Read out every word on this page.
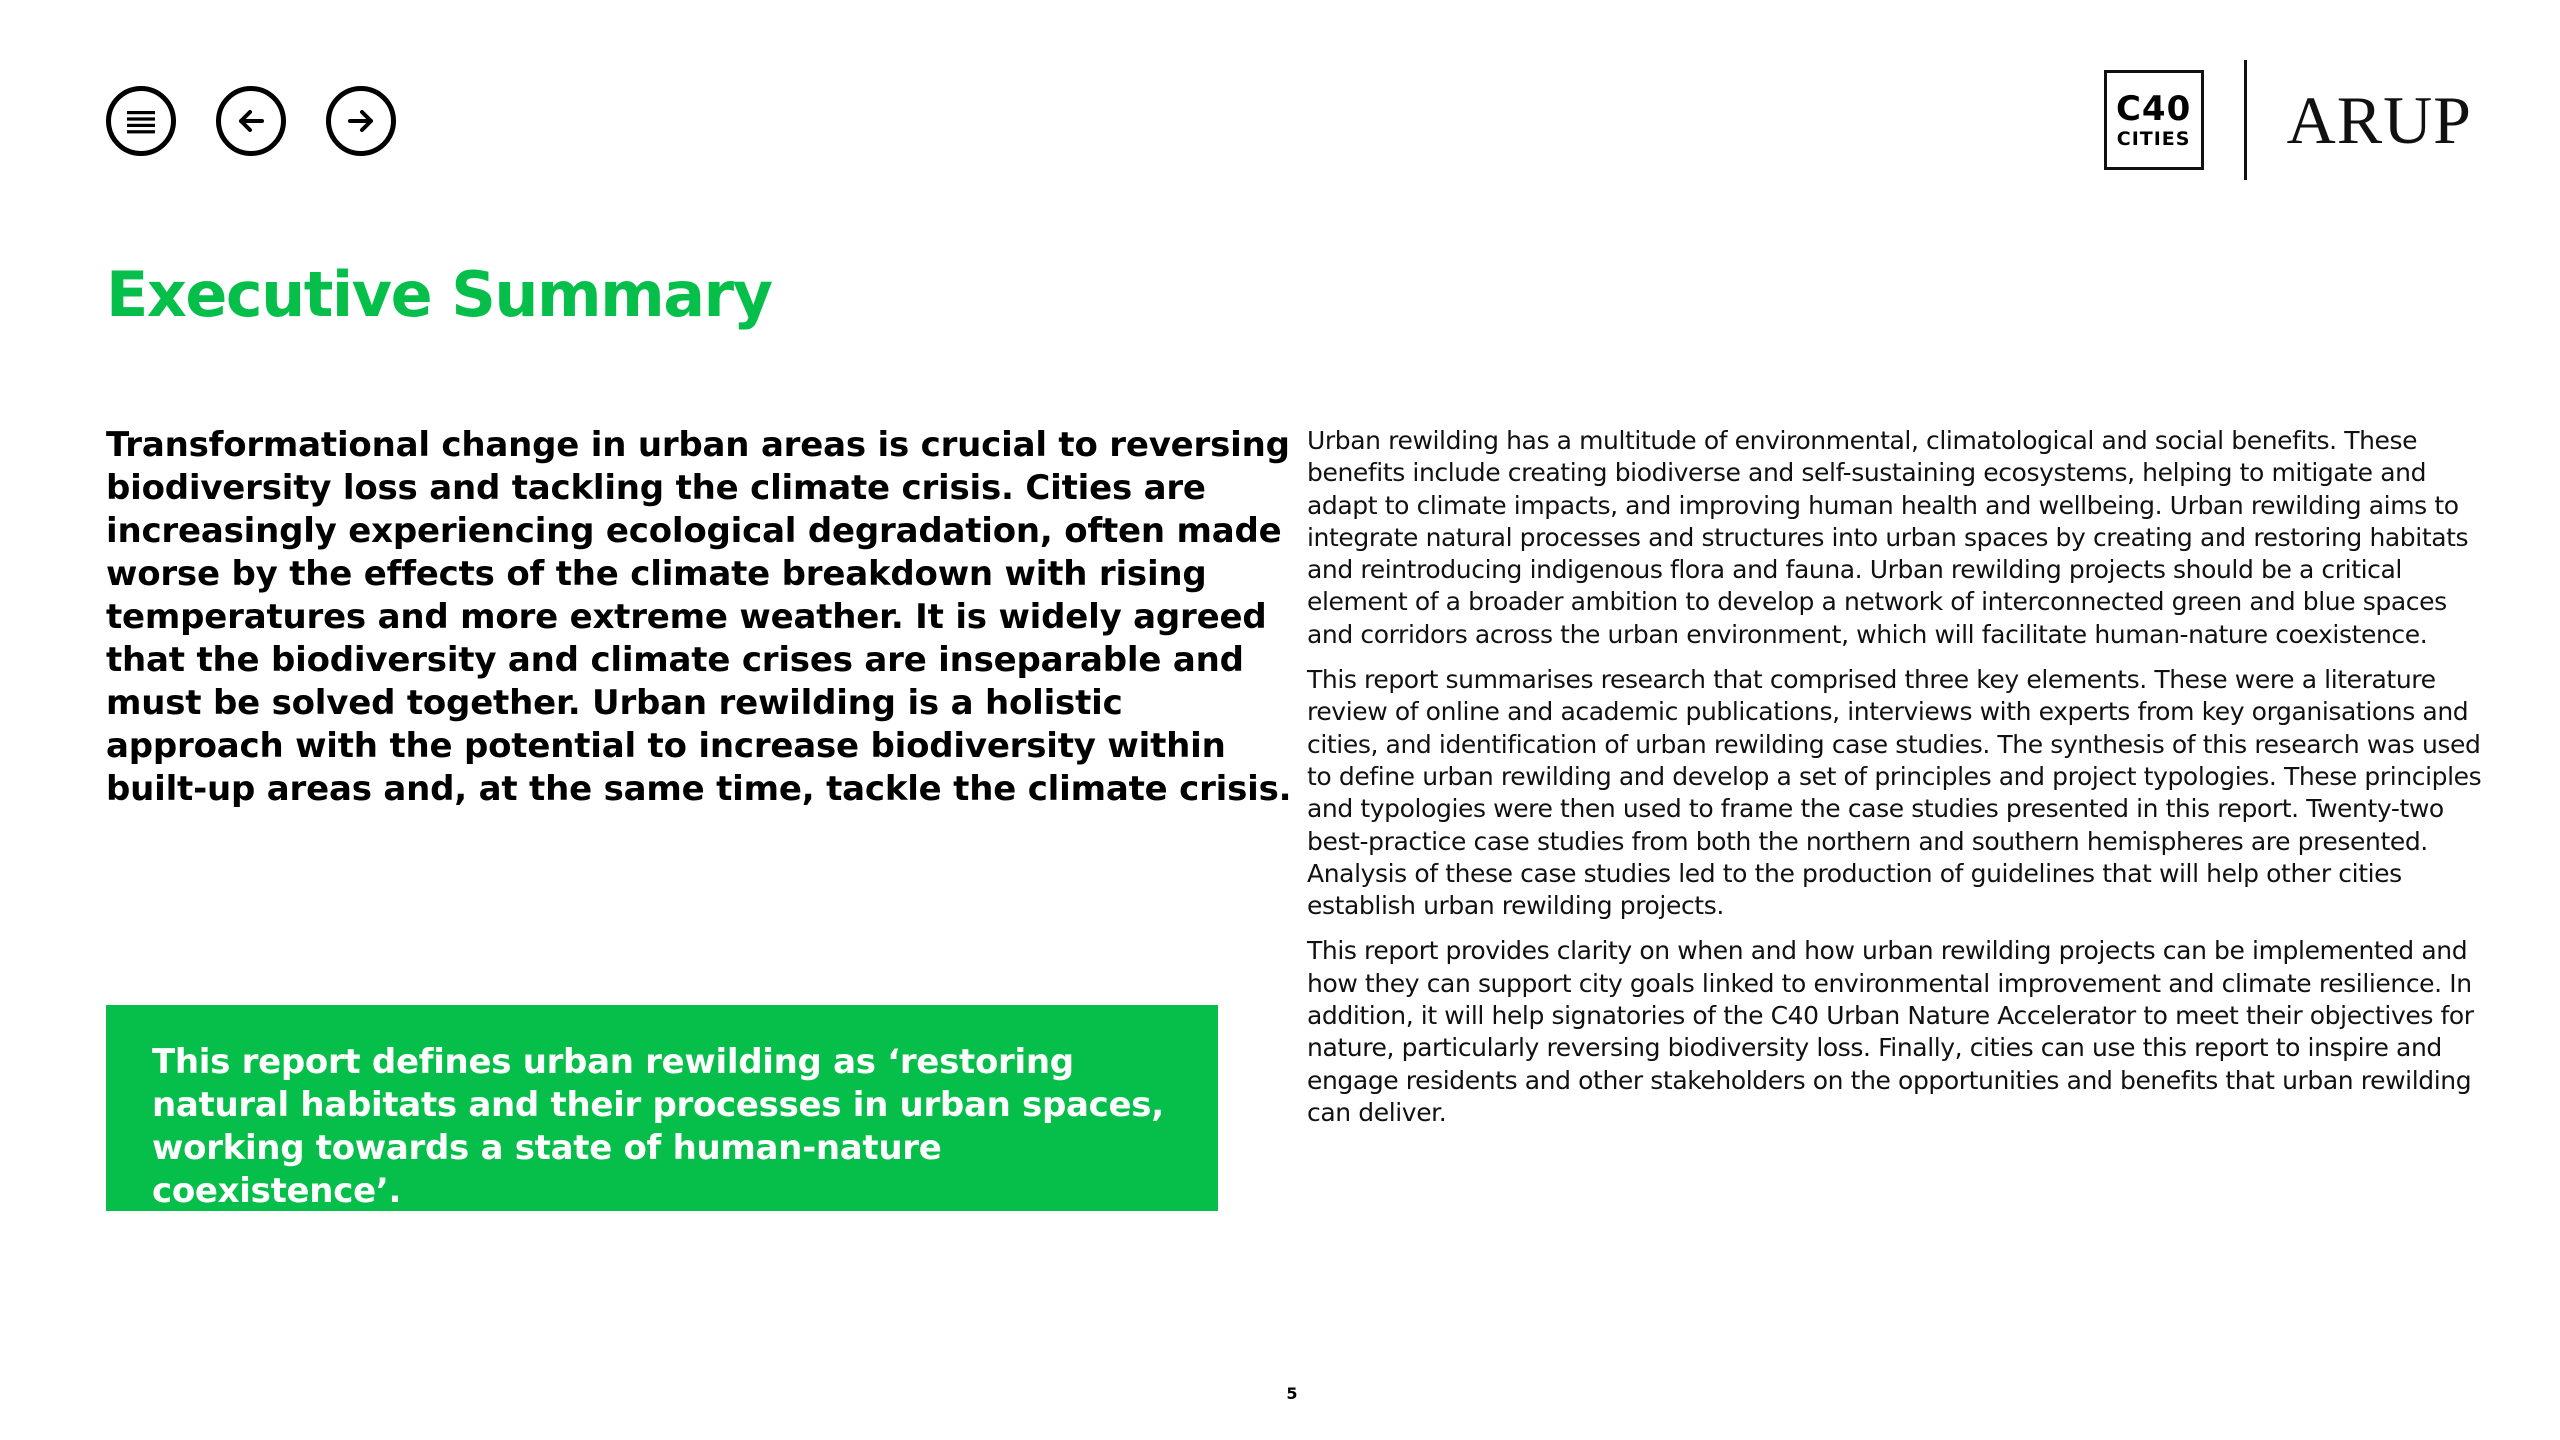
C40
CITIES ARUP
Executive Summary

Transformational change in urban areas is crucial to reversing biodiversity loss and tackling the climate crisis. Cities are increasingly experiencing ecological degradation, often made worse by the effects of the climate breakdown with rising temperatures and more extreme weather. It is widely agreed that the biodiversity and climate crises are inseparable and must be solved together. Urban rewilding is a holistic approach with the potential to increase biodiversity within built-up areas and, at the same time, tackle the climate crisis.

This report defines urban rewilding as ‘restoring natural habitats and their processes in urban spaces, working towards a state of human-nature coexistence’.

Urban rewilding has a multitude of environmental, climatological and social benefits. These benefits include creating biodiverse and self-sustaining ecosystems, helping to mitigate and adapt to climate impacts, and improving human health and wellbeing. Urban rewilding aims to integrate natural processes and structures into urban spaces by creating and restoring habitats and reintroducing indigenous flora and fauna. Urban rewilding projects should be a critical element of a broader ambition to develop a network of interconnected green and blue spaces and corridors across the urban environment, which will facilitate human-nature coexistence.

This report summarises research that comprised three key elements. These were a literature review of online and academic publications, interviews with experts from key organisations and cities, and identification of urban rewilding case studies. The synthesis of this research was used to define urban rewilding and develop a set of principles and project typologies. These principles and typologies were then used to frame the case studies presented in this report. Twenty-two best-practice case studies from both the northern and southern hemispheres are presented. Analysis of these case studies led to the production of guidelines that will help other cities establish urban rewilding projects.

This report provides clarity on when and how urban rewilding projects can be implemented and how they can support city goals linked to environmental improvement and climate resilience. In addition, it will help signatories of the C40 Urban Nature Accelerator to meet their objectives for nature, particularly reversing biodiversity loss. Finally, cities can use this report to inspire and engage residents and other stakeholders on the opportunities and benefits that urban rewilding can deliver.

5
